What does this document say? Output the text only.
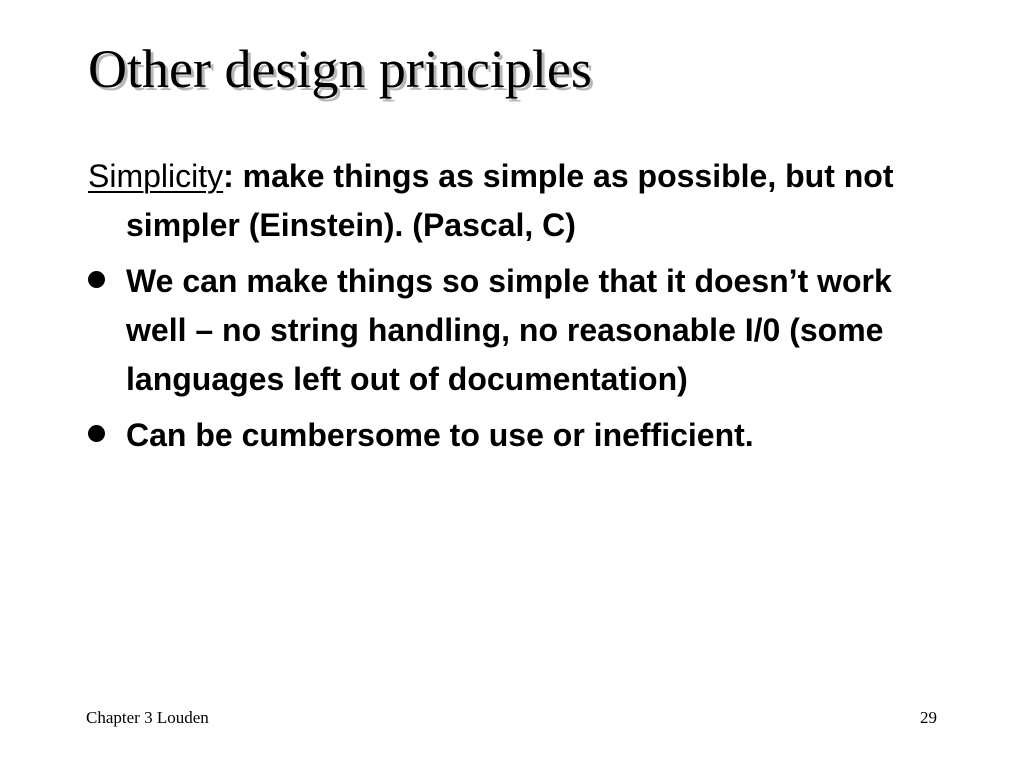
Other design principles

Simplicity: make things as simple as possible, but not simpler (Einstein). (Pascal, C)

We can make things so simple that it doesn’t work well – no string handling, no reasonable I/0 (some languages left out of documentation)
Can be cumbersome to use or inefficient.
Chapter 3 Louden	29
